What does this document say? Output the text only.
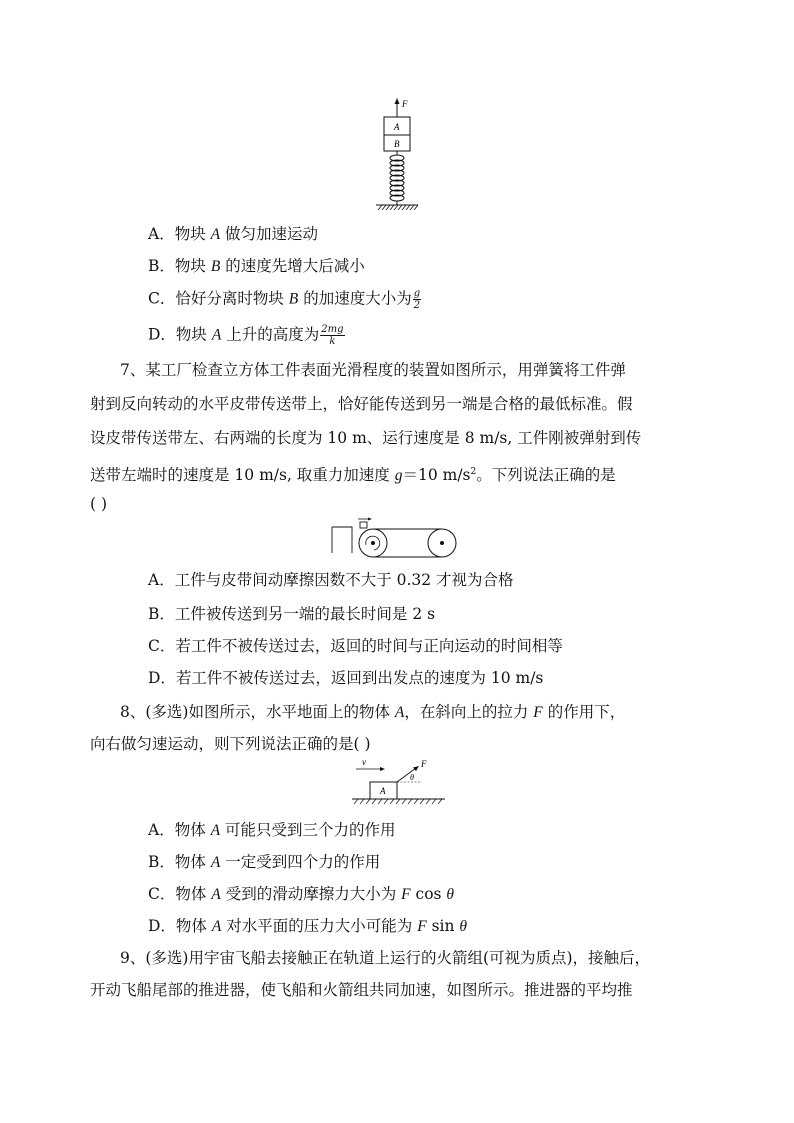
F
A
B
A．物块 A 做匀加速运动
B．物块 B 的速度先增大后减小
C．恰好分离时物块 B 的加速度大小为 $\frac{g}{2}$
D．物块 A 上升的高度为 $\frac{2mg}{k}$
7、某工厂检查立方体工件表面光滑程度的装置如图所示，用弹簧将工件弹
射到反向转动的水平皮带传送带上，恰好能传送到另一端是合格的最低标准。假
设皮带传送带左、右两端的长度为 10 m、运行速度是 8 m/s, 工件刚被弹射到传
送带左端时的速度是 10 m/s, 取重力加速度 g＝10 $m/s^2$。下列说法正确的是
( )
A．工件与皮带间动摩擦因数不大于 0.32 才视为合格
B．工件被传送到另一端的最长时间是 2 s
C．若工件不被传送过去，返回的时间与正向运动的时间相等
D．若工件不被传送过去，返回到出发点的速度为 10 m/s
8、(多选)如图所示，水平地面上的物体 A，在斜向上的拉力 F 的作用下，
向右做匀速运动，则下列说法正确的是( )
v
A
F
θ
A．物体 A 可能只受到三个力的作用
B．物体 A 一定受到四个力的作用
C．物体 A 受到的滑动摩擦力大小为 F cos θ
D．物体 A 对水平面的压力大小可能为 F sin θ
9、(多选)用宇宙飞船去接触正在轨道上运行的火箭组(可视为质点)，接触后，
开动飞船尾部的推进器，使飞船和火箭组共同加速，如图所示。推进器的平均推
